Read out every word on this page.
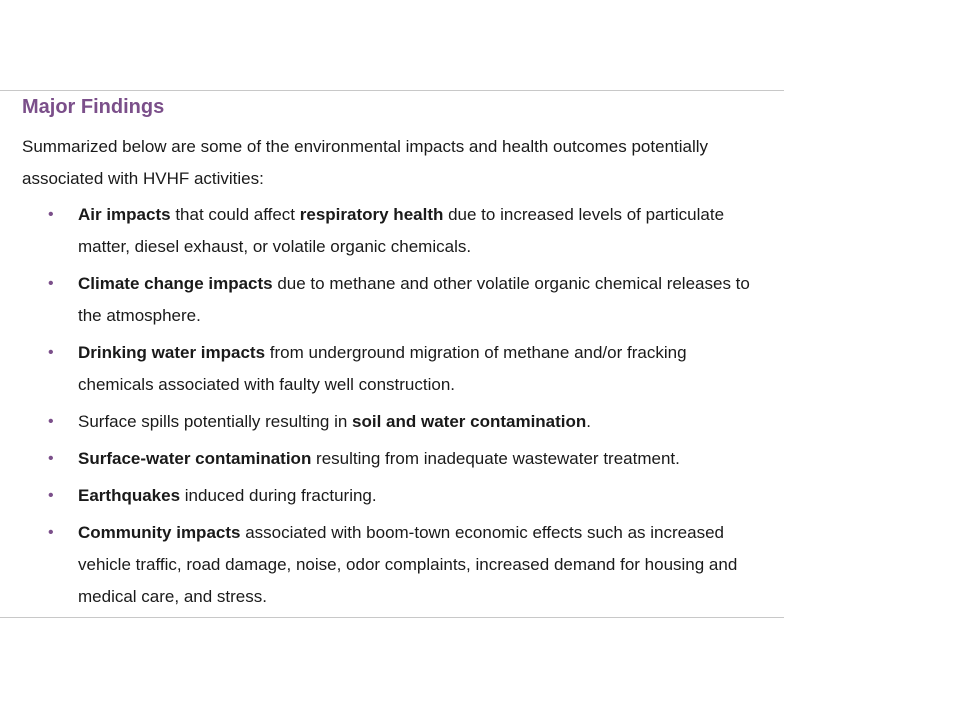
Major Findings

Summarized below are some of the environmental impacts and health outcomes potentially associated with HVHF activities:

• Air impacts that could affect respiratory health due to increased levels of particulate matter, diesel exhaust, or volatile organic chemicals.
• Climate change impacts due to methane and other volatile organic chemical releases to the atmosphere.
• Drinking water impacts from underground migration of methane and/or fracking chemicals associated with faulty well construction.
• Surface spills potentially resulting in soil and water contamination.
• Surface-water contamination resulting from inadequate wastewater treatment.
• Earthquakes induced during fracturing.
• Community impacts associated with boom-town economic effects such as increased vehicle traffic, road damage, noise, odor complaints, increased demand for housing and medical care, and stress.
